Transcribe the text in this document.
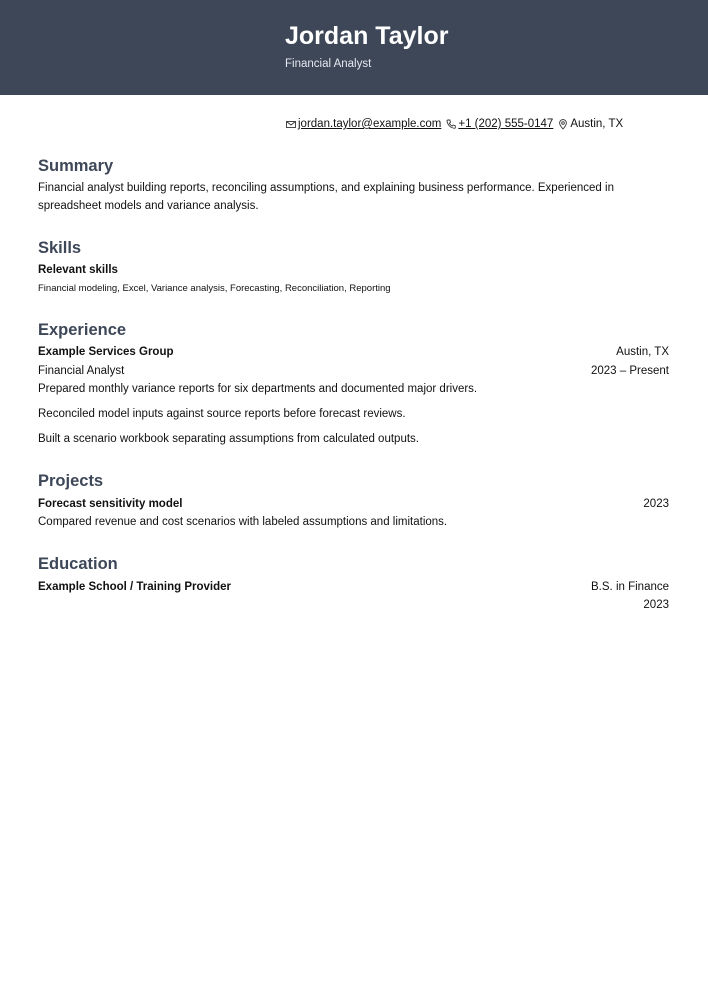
Jordan Taylor
Financial Analyst
jordan.taylor@example.com +1 (202) 555-0147 Austin, TX
Summary
Financial analyst building reports, reconciling assumptions, and explaining business performance. Experienced in spreadsheet models and variance analysis.
Skills
Relevant skills
Financial modeling, Excel, Variance analysis, Forecasting, Reconciliation, Reporting
Experience
Example Services Group	Austin, TX
Financial Analyst	2023 – Present
Prepared monthly variance reports for six departments and documented major drivers.
Reconciled model inputs against source reports before forecast reviews.
Built a scenario workbook separating assumptions from calculated outputs.
Projects
Forecast sensitivity model	2023
Compared revenue and cost scenarios with labeled assumptions and limitations.
Education
Example School / Training Provider	B.S. in Finance
2023
